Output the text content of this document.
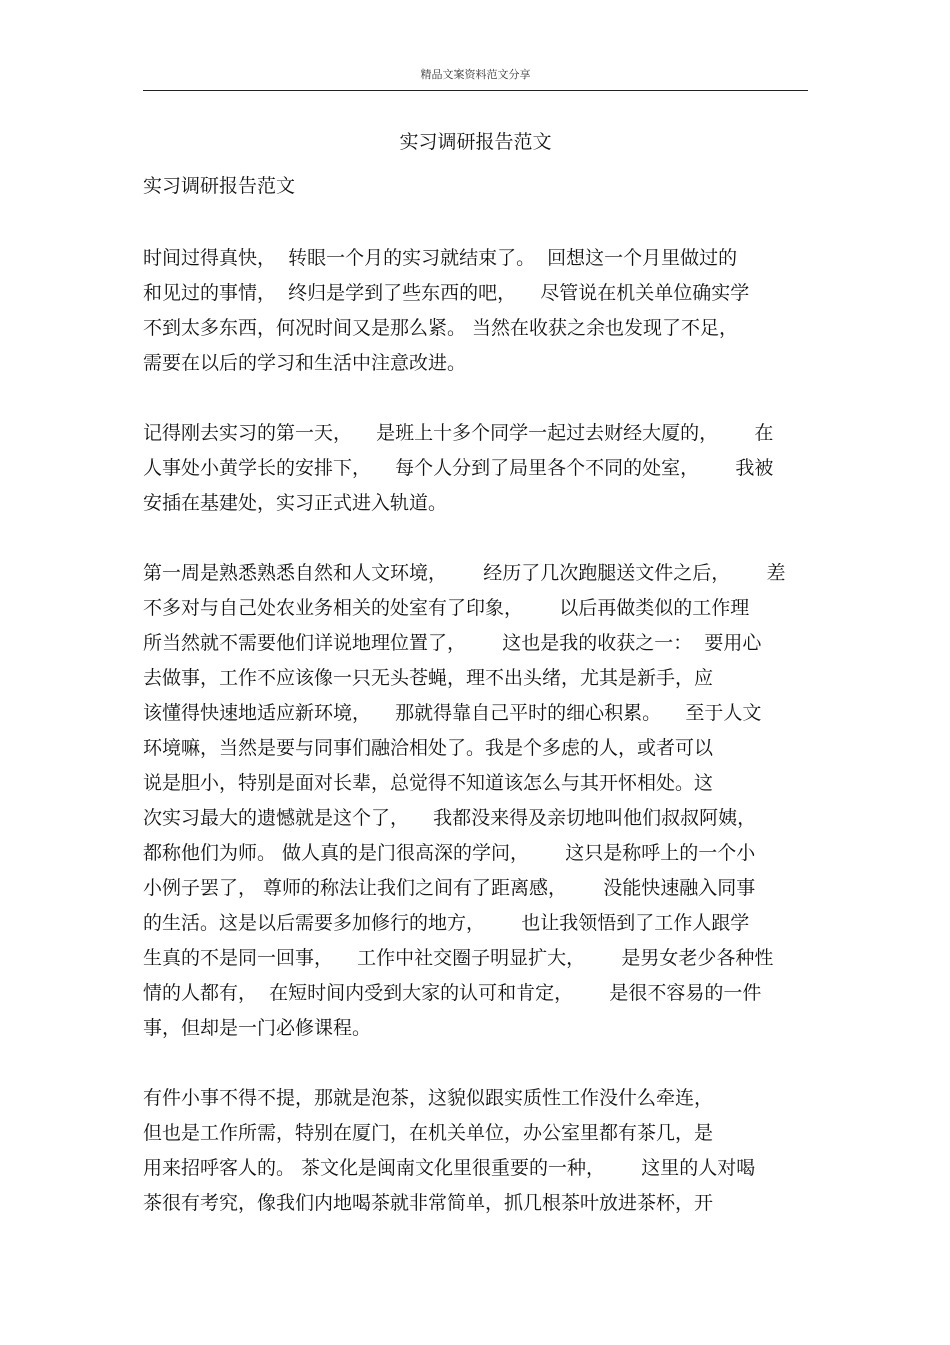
精品文案资料范文分享
实习调研报告范文
实习调研报告范文
时间过得真快，  转眼一个月的实习就结束了。  回想这一个月里做过的
和见过的事情，  终归是学到了些东西的吧，    尽管说在机关单位确实学
不到太多东西，何况时间又是那么紧。 当然在收获之余也发现了不足，
需要在以后的学习和生活中注意改进。
记得刚去实习的第一天，    是班上十多个同学一起过去财经大厦的，      在
人事处小黄学长的安排下，    每个人分到了局里各个不同的处室，      我被
安插在基建处，实习正式进入轨道。
第一周是熟悉熟悉自然和人文环境，      经历了几次跑腿送文件之后，      差
不多对与自己处农业务相关的处室有了印象，      以后再做类似的工作理
所当然就不需要他们详说地理位置了，      这也是我的收获之一：  要用心
去做事，工作不应该像一只无头苍蝇，理不出头绪，尤其是新手，应
该懂得快速地适应新环境，    那就得靠自己平时的细心积累。    至于人文
环境嘛，当然是要与同事们融洽相处了。我是个多虑的人，或者可以
说是胆小，特别是面对长辈，总觉得不知道该怎么与其开怀相处。这
次实习最大的遗憾就是这个了，    我都没来得及亲切地叫他们叔叔阿姨，
都称他们为师。 做人真的是门很高深的学问，      这只是称呼上的一个小
小例子罢了， 尊师的称法让我们之间有了距离感，      没能快速融入同事
的生活。这是以后需要多加修行的地方，      也让我领悟到了工作人跟学
生真的不是同一回事，    工作中社交圈子明显扩大，      是男女老少各种性
情的人都有，  在短时间内受到大家的认可和肯定，      是很不容易的一件
事，但却是一门必修课程。
有件小事不得不提，那就是泡茶，这貌似跟实质性工作没什么牵连，
但也是工作所需，特别在厦门，在机关单位，办公室里都有茶几，是
用来招呼客人的。 茶文化是闽南文化里很重要的一种，      这里的人对喝
茶很有考究，像我们内地喝茶就非常简单，抓几根茶叶放进茶杯，开
